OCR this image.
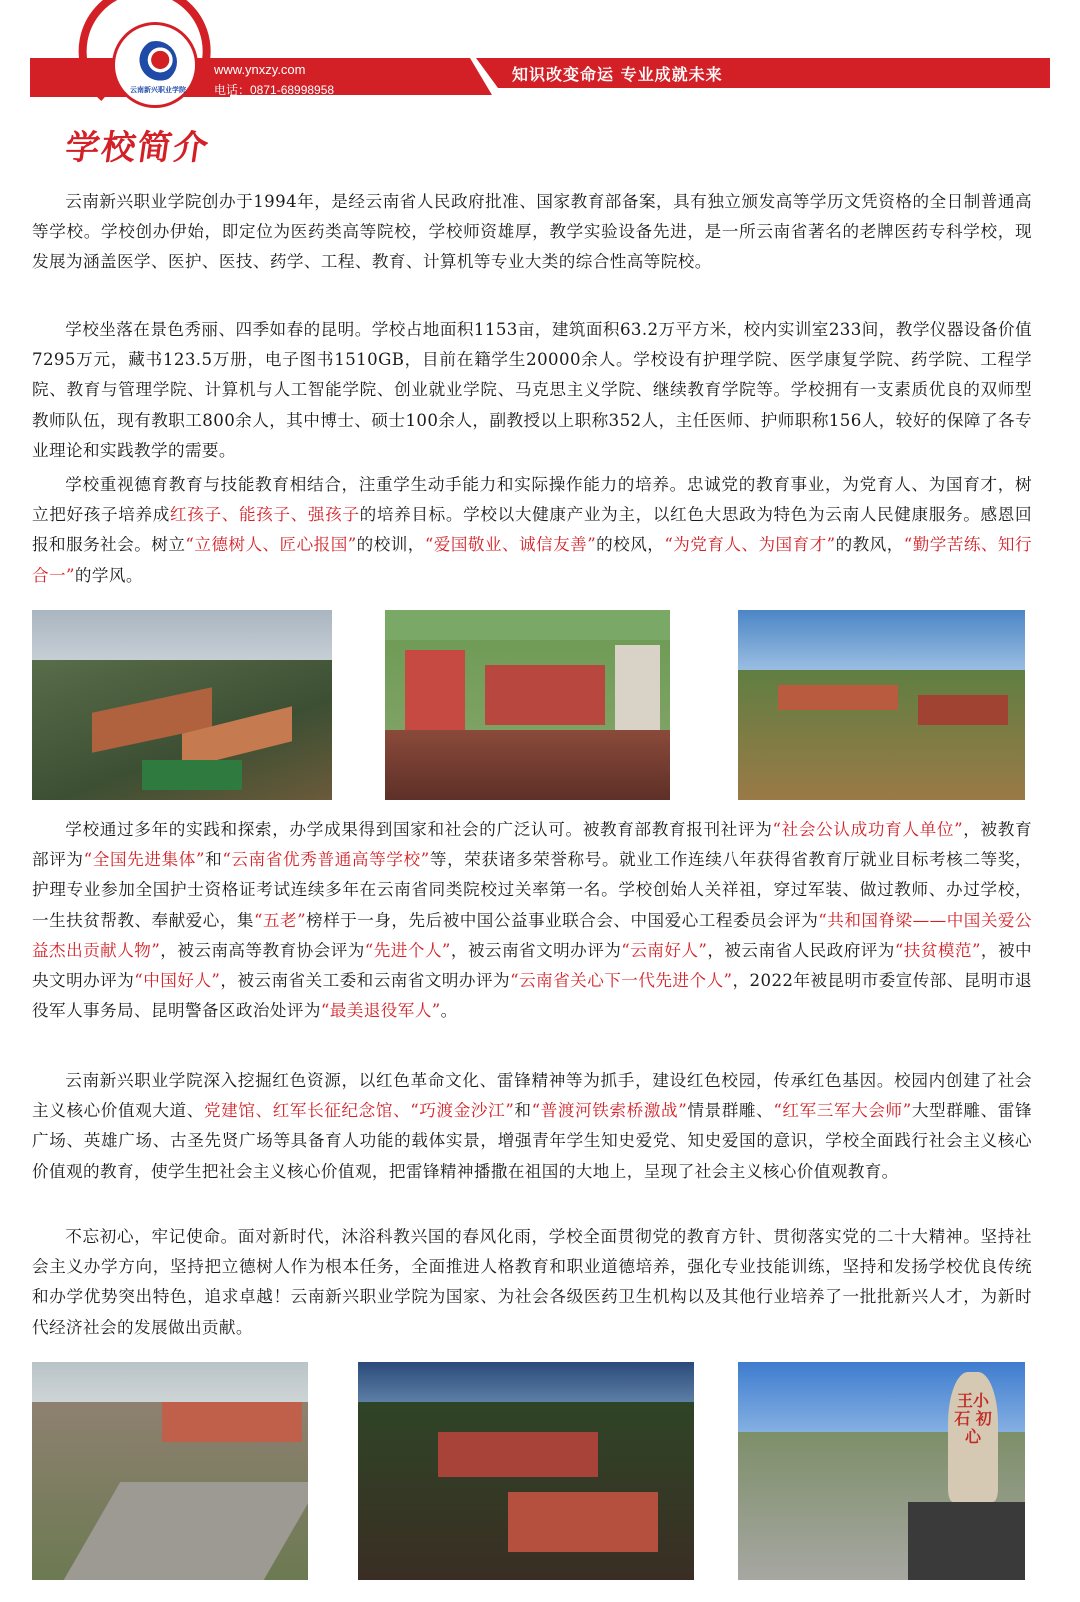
云南新兴职业学院
www.ynxzy.com
电话：0871-68998958
知识改变命运 专业成就未来
学校简介

云南新兴职业学院创办于1994年，是经云南省人民政府批准、国家教育部备案，具有独立颁发高等学历文凭资格的全日制普通高等学校。学校创办伊始，即定位为医药类高等院校，学校师资雄厚，教学实验设备先进，是一所云南省著名的老牌医药专科学校，现发展为涵盖医学、医护、医技、药学、工程、教育、计算机等专业大类的综合性高等院校。

学校坐落在景色秀丽、四季如春的昆明。学校占地面积1153亩，建筑面积63.2万平方米，校内实训室233间，教学仪器设备价值7295万元，藏书123.5万册，电子图书1510GB，目前在籍学生20000余人。学校设有护理学院、医学康复学院、药学院、工程学院、教育与管理学院、计算机与人工智能学院、创业就业学院、马克思主义学院、继续教育学院等。学校拥有一支素质优良的双师型教师队伍，现有教职工800余人，其中博士、硕士100余人，副教授以上职称352人，主任医师、护师职称156人，较好的保障了各专业理论和实践教学的需要。

学校重视德育教育与技能教育相结合，注重学生动手能力和实际操作能力的培养。忠诚党的教育事业，为党育人、为国育才，树立把好孩子培养成红孩子、能孩子、强孩子的培养目标。学校以大健康产业为主，以红色大思政为特色为云南人民健康服务。感恩回报和服务社会。树立“立德树人、匠心报国”的校训，“爱国敬业、诚信友善”的校风，“为党育人、为国育才”的教风，“勤学苦练、知行合一”的学风。

学校通过多年的实践和探索，办学成果得到国家和社会的广泛认可。被教育部教育报刊社评为“社会公认成功育人单位”，被教育部评为“全国先进集体”和“云南省优秀普通高等学校”等，荣获诸多荣誉称号。就业工作连续八年获得省教育厅就业目标考核二等奖，护理专业参加全国护士资格证考试连续多年在云南省同类院校过关率第一名。学校创始人关祥祖，穿过军装、做过教师、办过学校，一生扶贫帮教、奉献爱心，集“五老”榜样于一身，先后被中国公益事业联合会、中国爱心工程委员会评为“共和国脊梁——中国关爱公益杰出贡献人物”，被云南高等教育协会评为“先进个人”，被云南省文明办评为“云南好人”，被云南省人民政府评为“扶贫模范”，被中央文明办评为“中国好人”，被云南省关工委和云南省文明办评为“云南省关心下一代先进个人”，2022年被昆明市委宣传部、昆明市退役军人事务局、昆明警备区政治处评为“最美退役军人”。

云南新兴职业学院深入挖掘红色资源，以红色革命文化、雷锋精神等为抓手，建设红色校园，传承红色基因。校园内创建了社会主义核心价值观大道、党建馆、红军长征纪念馆、“巧渡金沙江”和“普渡河铁索桥激战”情景群雕、“红军三军大会师”大型群雕、雷锋广场、英雄广场、古圣先贤广场等具备育人功能的载体实景，增强青年学生知史爱党、知史爱国的意识，学校全面践行社会主义核心价值观的教育，使学生把社会主义核心价值观，把雷锋精神播撒在祖国的大地上，呈现了社会主义核心价值观教育。

不忘初心，牢记使命。面对新时代，沐浴科教兴国的春风化雨，学校全面贯彻党的教育方针、贯彻落实党的二十大精神。坚持社会主义办学方向，坚持把立德树人作为根本任务，全面推进人格教育和职业道德培养，强化专业技能训练，坚持和发扬学校优良传统和办学优势突出特色，追求卓越！云南新兴职业学院为国家、为社会各级医药卫生机构以及其他行业培养了一批批新兴人才，为新时代经济社会的发展做出贡献。

王小石 初心
